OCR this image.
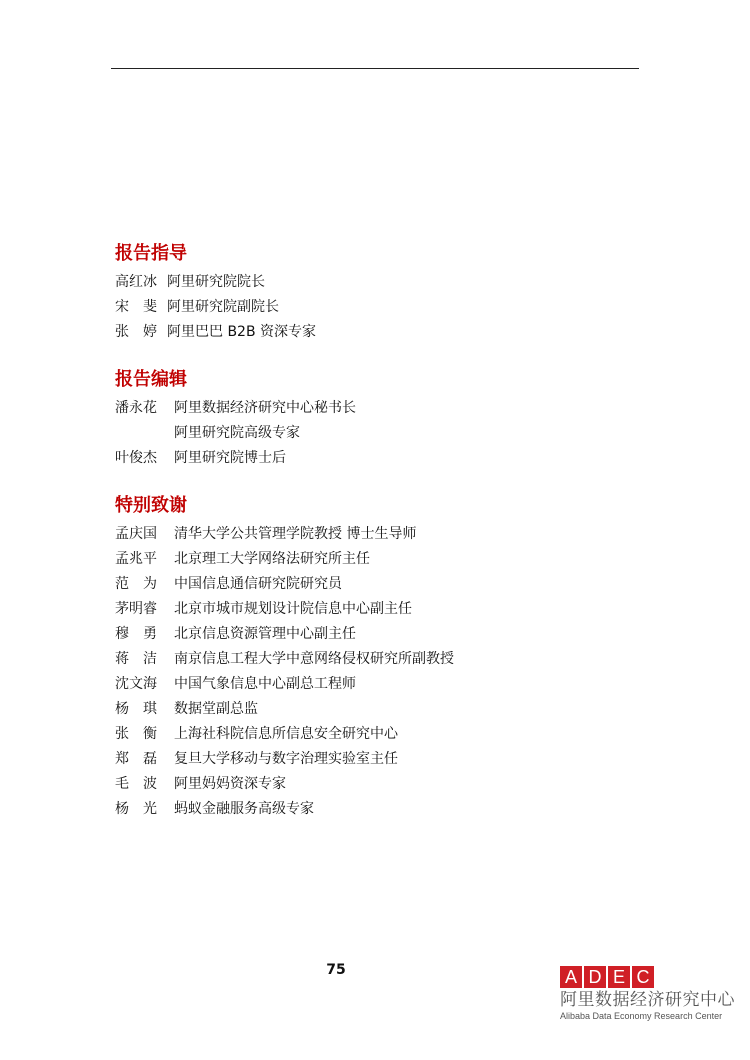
报告指导
高红冰 阿里研究院院长
宋　斐 阿里研究院副院长
张　婷 阿里巴巴 B2B 资深专家
报告编辑
潘永花	阿里数据经济研究中心秘书长
阿里研究院高级专家
叶俊杰	阿里研究院博士后
特别致谢
孟庆国	清华大学公共管理学院教授 博士生导师
孟兆平	北京理工大学网络法研究所主任
范　为	中国信息通信研究院研究员
茅明睿	北京市城市规划设计院信息中心副主任
穆　勇	北京信息资源管理中心副主任
蒋　洁	南京信息工程大学中意网络侵权研究所副教授
沈文海	中国气象信息中心副总工程师
杨　琪	数据堂副总监
张　衡	上海社科院信息所信息安全研究中心
郑　磊	复旦大学移动与数字治理实验室主任
毛　波	阿里妈妈资深专家
杨　光	蚂蚁金融服务高级专家
75	A D E C
阿里数据经济研究中心
Alibaba Data Economy Research Center
